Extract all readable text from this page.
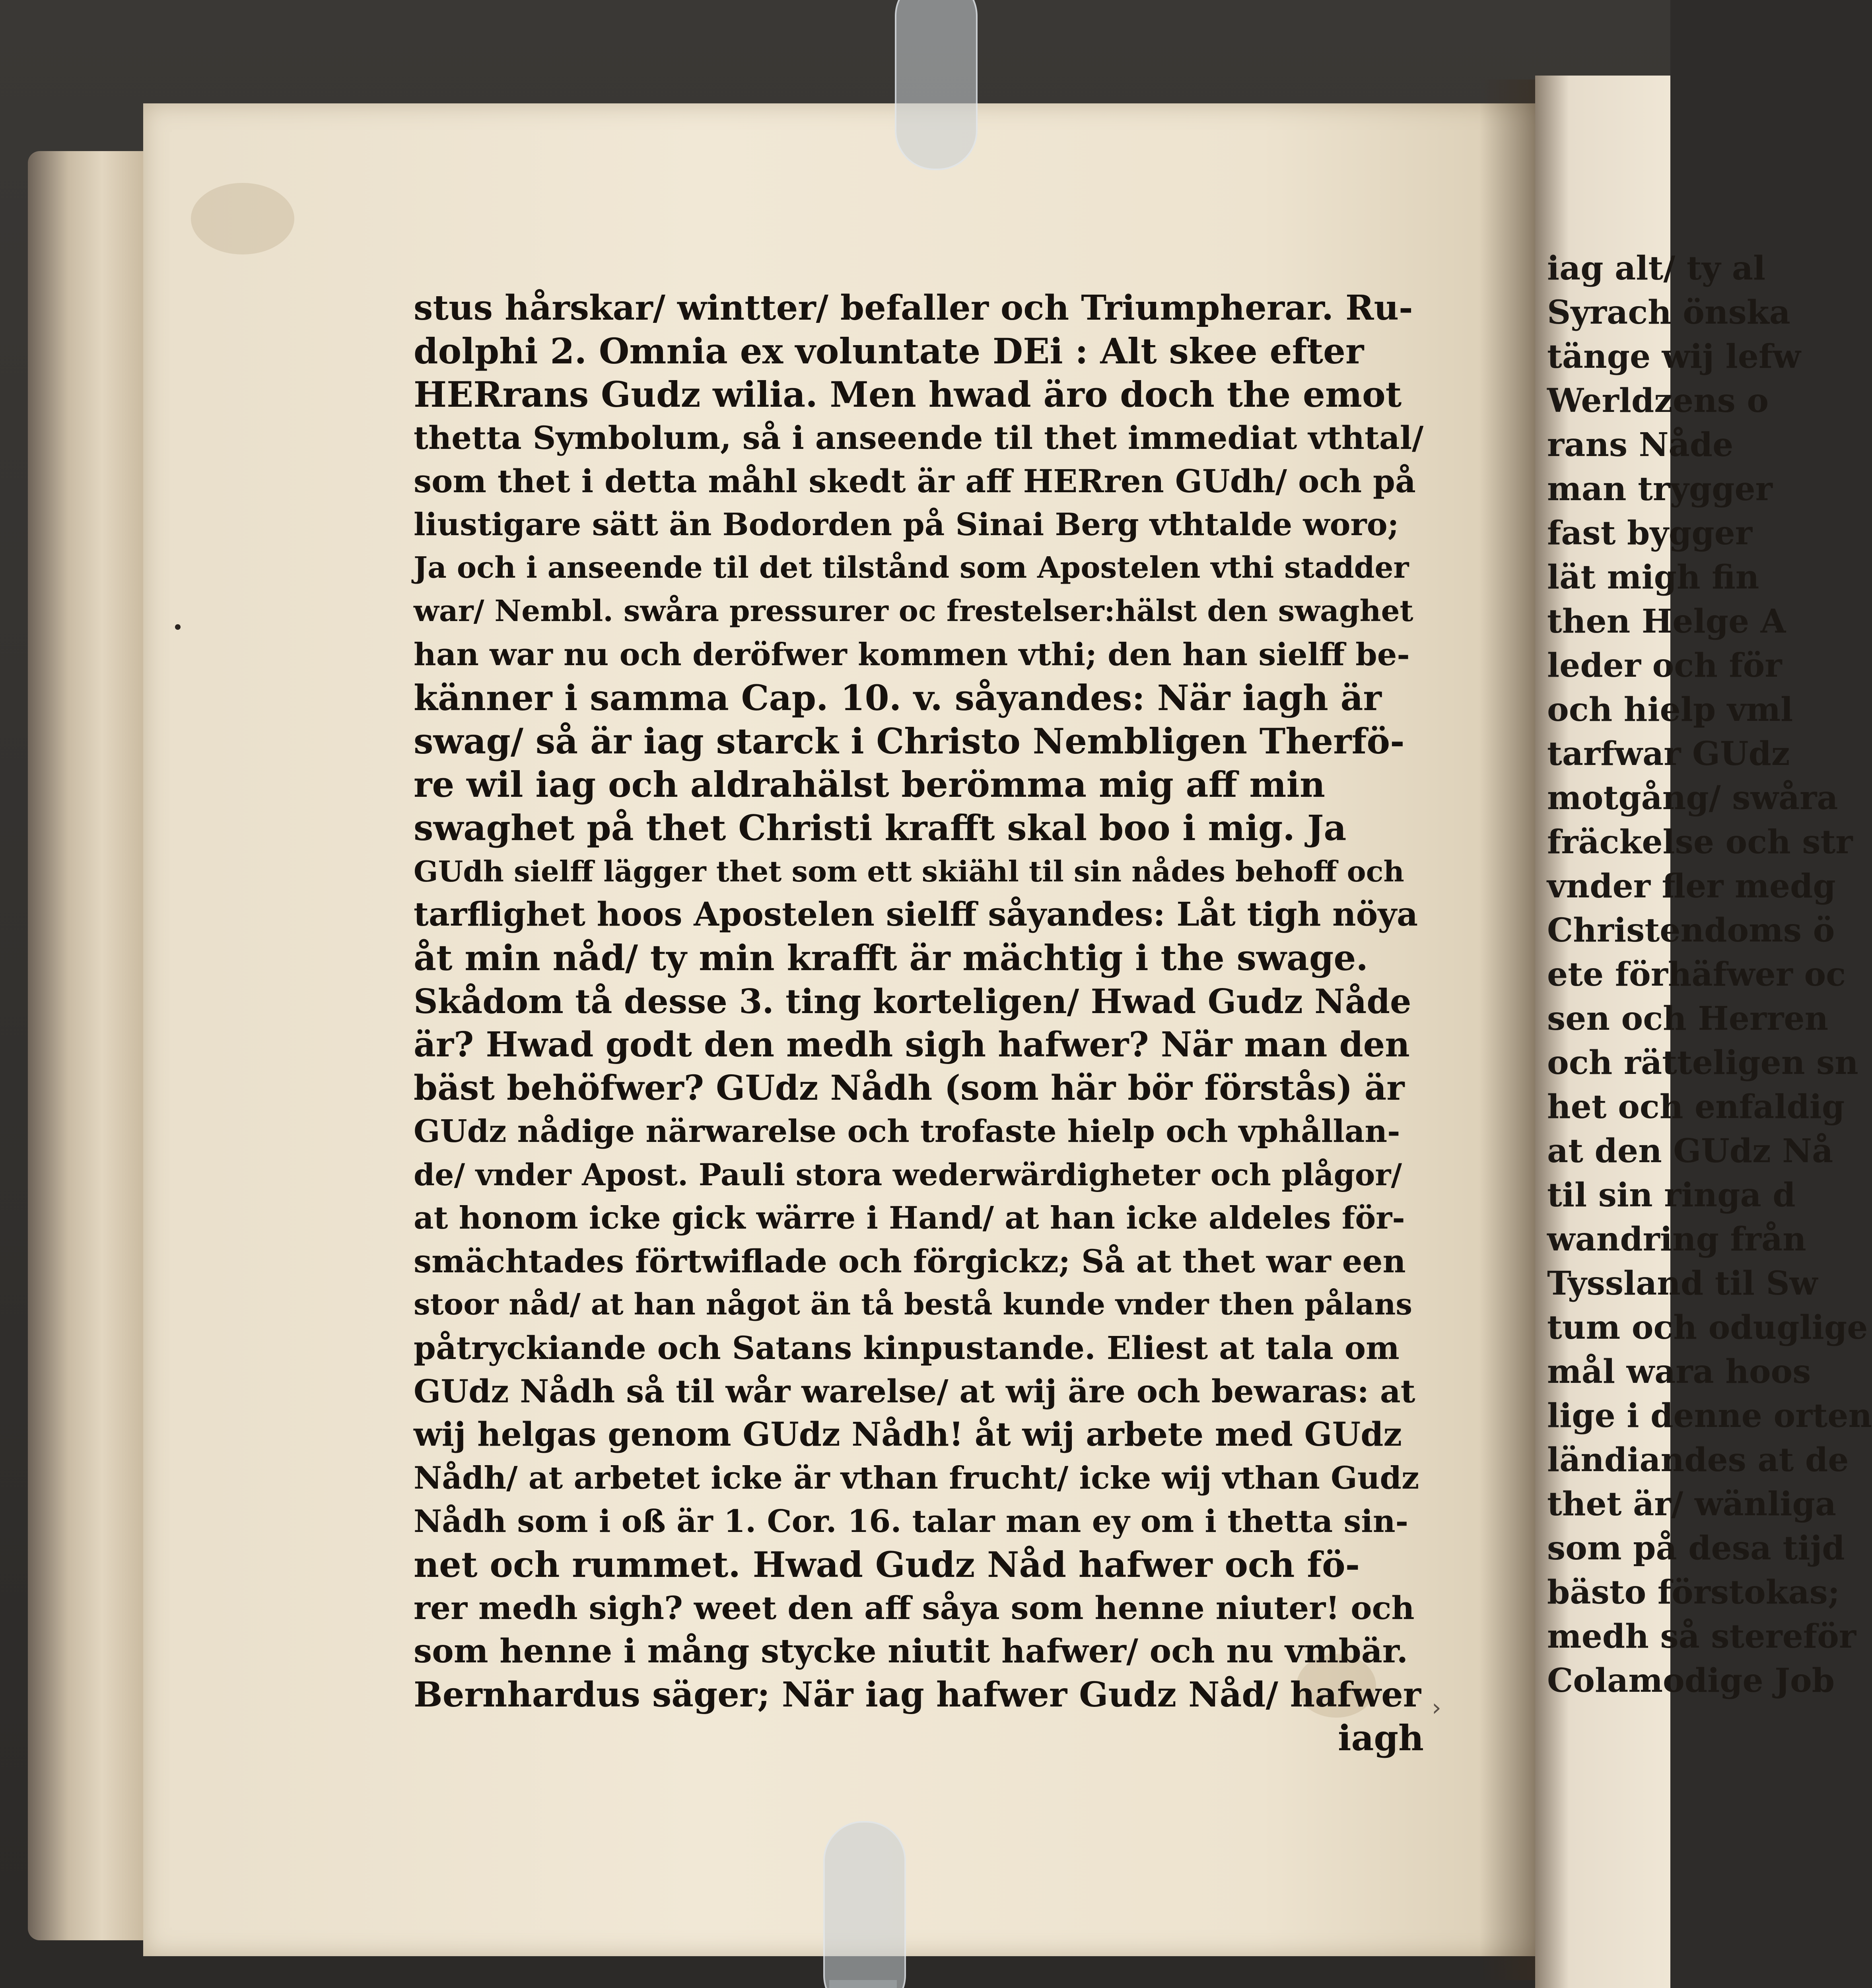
iag alt/ ty al
Syrach önska
tänge wij lefw
Werldzens o
rans Nåde
man trygger
fast bygger
lät migh fin
then Helge A
leder och för
och hielp vml
tarfwar GUdz
motgång/ swåra
fräckelse och str
vnder fler medg
Christendoms ö
ete förhäfwer oc
sen och Herren
och rätteligen sn
het och enfaldig
at den GUdz Nå
til sin ringa d
wandring från
Tyssland til Sw
tum och oduglige
mål wara hoos
lige i denne orten
ländiandes at de
thet är/ wänliga
som på desa tijd
bästo förstokas;
medh så stereför
Colamodige Job
›
stus hårskar/ wintter/ befaller och Triumpherar. Ru-
dolphi 2. Omnia ex voluntate DEi : Alt skee efter
HERrans Gudz wilia. Men hwad äro doch the emot
thetta Symbolum, så i anseende til thet immediat vthtal/
som thet i detta måhl skedt är aff HERren GUdh/ och på
liustigare sätt än Bodorden på Sinai Berg vthtalde woro;
Ja och i anseende til det tilstånd som Apostelen vthi stadder
war/ Nembl. swåra pressurer oc frestelser:hälst den swaghet
han war nu och deröfwer kommen vthi; den han sielff be-
känner i samma Cap. 10. v. såyandes: När iagh är
swag/ så är iag starck i Christo Nembligen Therfö-
re wil iag och aldrahälst berömma mig aff min
swaghet på thet Christi krafft skal boo i mig. Ja
GUdh sielff lägger thet som ett skiähl til sin nådes behoff och
tarflighet hoos Apostelen sielff såyandes: Låt tigh nöya
åt min nåd/ ty min krafft är mächtig i the swage.
Skådom tå desse 3. ting korteligen/ Hwad Gudz Nåde
är? Hwad godt den medh sigh hafwer? När man den
bäst behöfwer? GUdz Nådh (som här bör förstås) är
GUdz nådige närwarelse och trofaste hielp och vphållan-
de/ vnder Apost. Pauli stora wederwärdigheter och plågor/
at honom icke gick wärre i Hand/ at han icke aldeles för-
smächtades förtwiflade och förgickz; Så at thet war een
stoor nåd/ at han något än tå bestå kunde vnder then pålans
påtryckiande och Satans kinpustande. Eliest at tala om
GUdz Nådh så til wår warelse/ at wij äre och bewaras: at
wij helgas genom GUdz Nådh! åt wij arbete med GUdz
Nådh/ at arbetet icke är vthan frucht/ icke wij vthan Gudz
Nådh som i oß är 1. Cor. 16. talar man ey om i thetta sin-
net och rummet. Hwad Gudz Nåd hafwer och fö-
rer medh sigh? weet den aff såya som henne niuter! och
som henne i mång stycke niutit hafwer/ och nu vmbär.
Bernhardus säger; När iag hafwer Gudz Nåd/ hafwer
iagh
